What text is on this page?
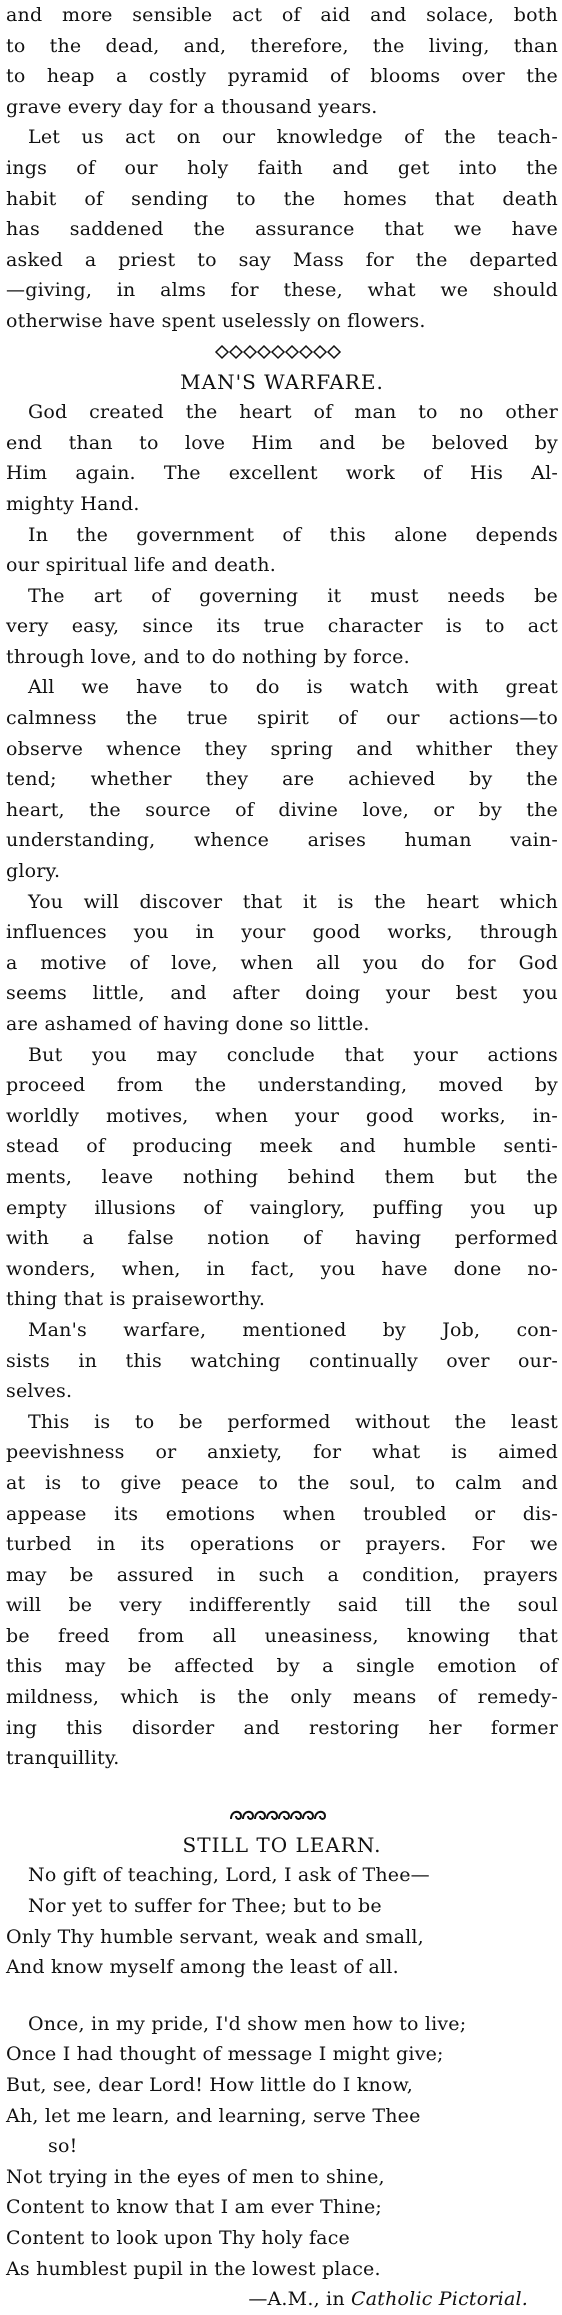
and more sensible act of aid and solace, both
to the dead, and, therefore, the living, than
to heap a costly pyramid of blooms over the
grave every day for a thousand years.
Let us act on our knowledge of the teach-
ings of our holy faith and get into the
habit of sending to the homes that death
has saddened the assurance that we have
asked a priest to say Mass for the departed
—giving, in alms for these, what we should
otherwise have spent uselessly on flowers.
MAN'S WARFARE.
God created the heart of man to no other
end than to love Him and be beloved by
Him again. The excellent work of His Al-
mighty Hand.
In the government of this alone depends
our spiritual life and death.
The art of governing it must needs be
very easy, since its true character is to act
through love, and to do nothing by force.
All we have to do is watch with great
calmness the true spirit of our actions—to
observe whence they spring and whither they
tend; whether they are achieved by the
heart, the source of divine love, or by the
understanding, whence arises human vain-
glory.
You will discover that it is the heart which
influences you in your good works, through
a motive of love, when all you do for God
seems little, and after doing your best you
are ashamed of having done so little.
But you may conclude that your actions
proceed from the understanding, moved by
worldly motives, when your good works, in-
stead of producing meek and humble senti-
ments, leave nothing behind them but the
empty illusions of vainglory, puffing you up
with a false notion of having performed
wonders, when, in fact, you have done no-
thing that is praiseworthy.
Man's warfare, mentioned by Job, con-
sists in this watching continually over our-
selves.
This is to be performed without the least
peevishness or anxiety, for what is aimed
at is to give peace to the soul, to calm and
appease its emotions when troubled or dis-
turbed in its operations or prayers. For we
may be assured in such a condition, prayers
will be very indifferently said till the soul
be freed from all uneasiness, knowing that
this may be affected by a single emotion of
mildness, which is the only means of remedy-
ing this disorder and restoring her former
tranquillity.
STILL TO LEARN.
No gift of teaching, Lord, I ask of Thee—
Nor yet to suffer for Thee; but to be
Only Thy humble servant, weak and small,
And know myself among the least of all.
Once, in my pride, I'd show men how to live;
Once I had thought of message I might give;
But, see, dear Lord! How little do I know,
Ah, let me learn, and learning, serve Thee
so!
Not trying in the eyes of men to shine,
Content to know that I am ever Thine;
Content to look upon Thy holy face
As humblest pupil in the lowest place.
—A.M., in Catholic Pictorial.
